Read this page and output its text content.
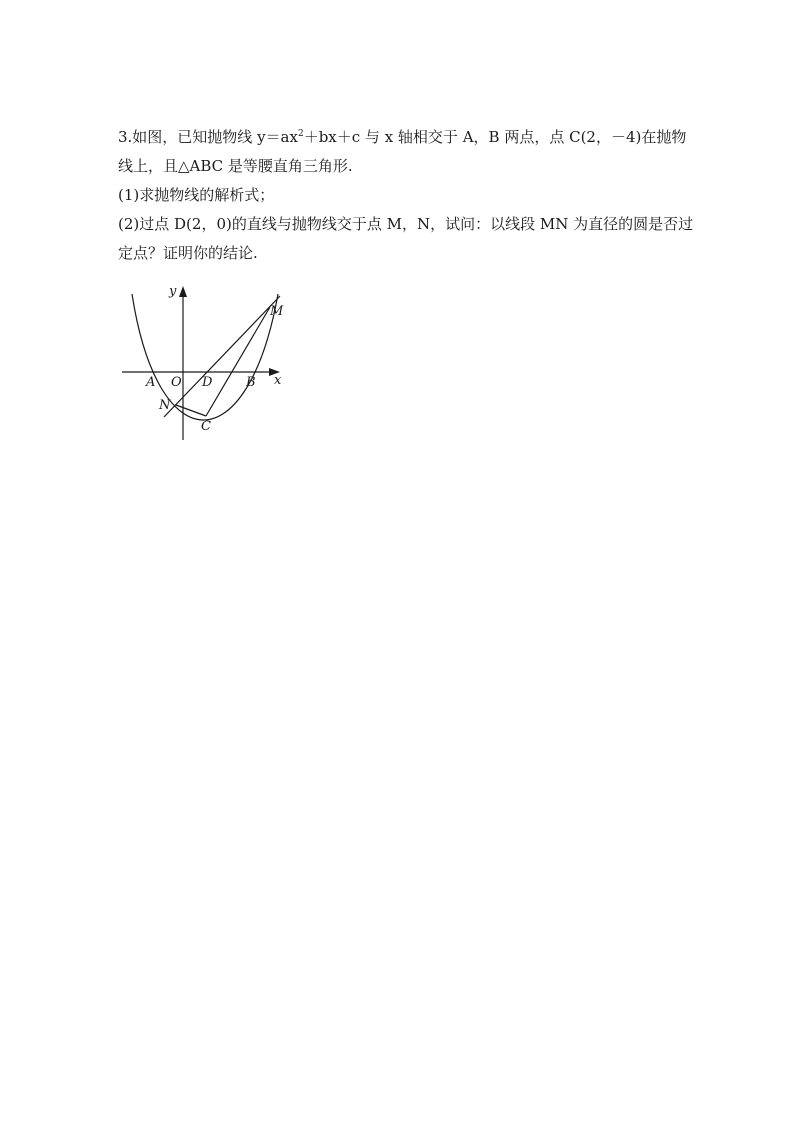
3.如图，已知抛物线 $y=ax^2+bx+c$ 与 x 轴相交于 A，B 两点，点 C(2，－4)在抛物
线上，且△ABC 是等腰直角三角形.
(1)求抛物线的解析式；
(2)过点 D(2，0)的直线与抛物线交于点 M，N，试问：以线段 MN 为直径的圆是否过
定点？证明你的结论.
y
x
A O D	B
M
N
C
